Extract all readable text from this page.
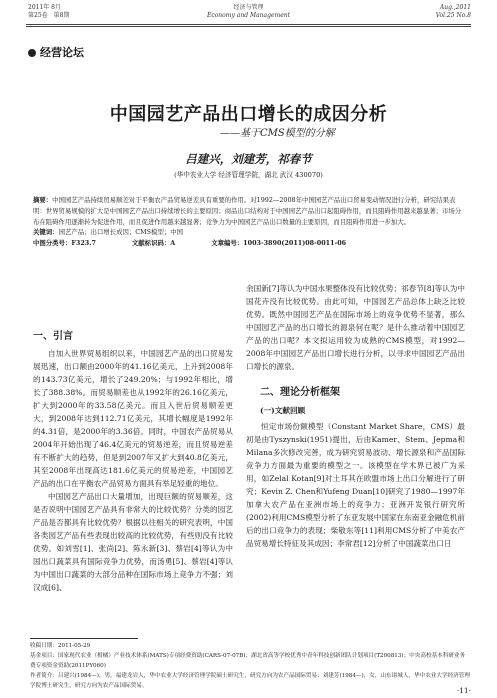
2011年 8月
第25卷　第8期
经济与管理
Economy and Management
Aug.,2011
Vol.25 No.8
经营论坛
中国园艺产品出口增长的成因分析
——基于CMS模型的分解
吕建兴，刘建芳，祁春节
(华中农业大学 经济管理学院，湖北 武汉 430070)
摘要：中国园艺产品持续贸易顺差对于平衡农产品贸易逆差具有重要的作用。对1992—2008年中国园艺产品出口贸易变动情况进行分析，研究结果表明：世界贸易规模的扩大是中国园艺产品出口持续增长的主要原因；商品出口结构对于中国园艺产品出口起阻碍作用，而且阻碍作用越来越显著；市场分布在阻碍作用逐渐转为促进作用，而且促进作用越来越显著；竞争力为中国园艺产品出口数量的主要原因，而且阻碍作用进一步加大。
关键词：园艺产品；出口增长成因；CMS模型；中国
中图分类号：F323.7	文献标识码：A	文章编号：1003-3890(2011)08-0011-06
一、引言

自加入世界贸易组织以来，中国园艺产品的出口贸易发展迅速，出口额由2000年的41.16亿美元，上升到2008年的143.73亿美元，增长了249.20%；与1992年相比，增长了388.38%。而贸易顺差也从1992年的26.16亿美元，扩大到2000年的33.58亿美元。而且入世后贸易顺差更大，到2008年达到112.71亿美元，其增长幅度是1992年的4.31倍，是2000年的3.36倍。同时，中国农产品贸易从2004年开始出现了46.4亿美元的贸易逆差，而且贸易逆差有不断扩大的趋势，但是到2007年又扩大到40.8亿美元，其至2008年出现高达181.6亿美元的贸易逆差，中国园艺产品的出口在平衡农产品贸易方面具有举足轻重的地位。

中国园艺产品出口大量增加，出现巨额的贸易顺差，这是否说明中国园艺产品具有非常大的比较优势？分类的园艺产品是否都具有比较优势？根据以往相关的研究表明，中国各类园艺产品有些表现出较高的比较优势，有些则没有比较优势。如刘雪[1]、张尚[2]、陈永新[3]、蔡岩[4]等认为中国出口蔬菜具有国际竞争力优势，而汤勇[5]、蔡岩[4]等认为中国出口蔬菜的大部分品种在国际市场上竞争力不强；刘汉成[6]、

余国新[7]等认为中国水果整体没有比较优势；祁春节[8]等认为中国花卉没有比较优势。由此可知，中国园艺产品总体上缺乏比较优势。既然中国园艺产品在国际市场上的竞争优势不显著，那么中国园艺产品的出口增长的源泉何在呢？是什么推动着中国园艺产品的出口呢？本文拟运用较为成熟的CMS模型，对1992—2008年中国园艺产品出口增长进行分析，以寻求中国园艺产品出口增长的源泉。

二、理论分析框架
(一)文献回顾

恒定市场份额模型（Constant Market Share，CMS）最初是由Tyszynski(1951)提出，后由Kamer、Stem、Jepma和Milana多次修改完善，成为研究贸易波动、增长源泉和产品国际竞争力方面最为重要的模型之一。该模型在学术界已被广为采用，如Zelal Kotan[9]对土耳其在欧盟市场上出口分解进行了研究；Kevin Z. Chen和Yufeng Duan[10]研究了1980—1997年加拿大农产品在亚洲市场上的竞争力；亚洲开发银行研究所(2002)利用CMS模型分析了东亚发展中国家在东南亚金融危机前后的出口竞争力的表现；柴敬东等[11]利用CMS分析了中美农产品贸易增长特征及其成因；李常君[12]分析了中国蔬菜出口日

收稿日期：2011-05-29

基金项目：国家现代农业（柑橘）产业技术体系(MATS)专项经费资助(CARS-07-07B)；湖北省高等学校优秀中青年科技创新团队计划项目(T200813)；中央高校基本科研业务费专项资金资助(2011PY060)

作者简介：吕建兴(1984—)，男，福建龙岩人，华中农业大学经济管理学院硕士研究生，研究方向为农产品国际贸易；刘建芳(1984—)，女，山东诸城人，华中农业大学经济管理学院博士研究生，研究方向为农产品国际贸易。	·11·
